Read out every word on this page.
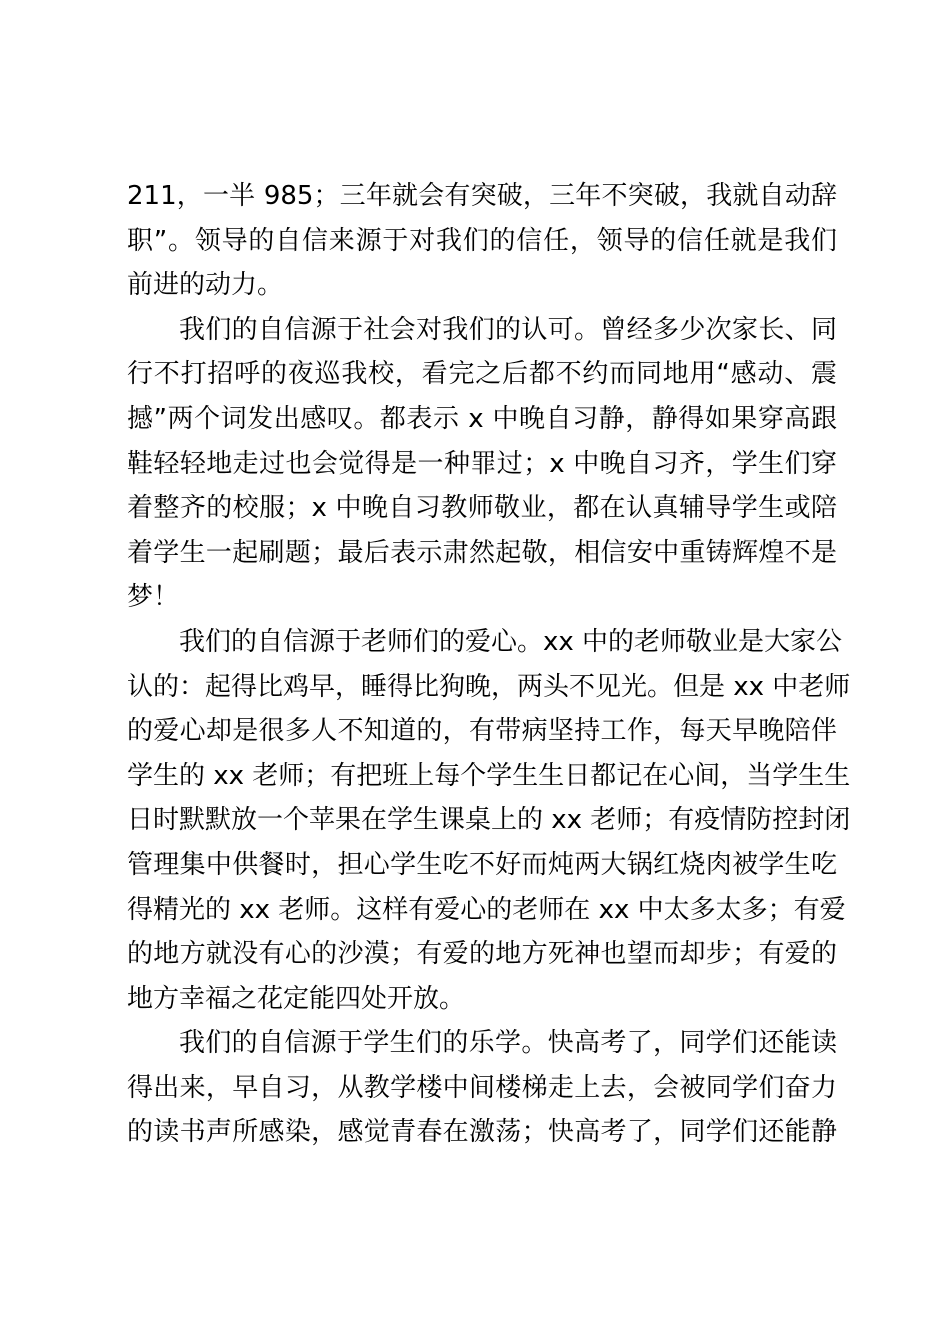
211，一半 985；三年就会有突破，三年不突破，我就自动辞
职”。领导的自信来源于对我们的信任，领导的信任就是我们
前进的动力。
我们的自信源于社会对我们的认可。曾经多少次家长、同
行不打招呼的夜巡我校，看完之后都不约而同地用“感动、震
撼”两个词发出感叹。都表示 x 中晚自习静，静得如果穿高跟
鞋轻轻地走过也会觉得是一种罪过；x 中晚自习齐，学生们穿
着整齐的校服；x 中晚自习教师敬业，都在认真辅导学生或陪
着学生一起刷题；最后表示肃然起敬，相信安中重铸辉煌不是
梦！
我们的自信源于老师们的爱心。xx 中的老师敬业是大家公
认的：起得比鸡早，睡得比狗晚，两头不见光。但是 xx 中老师
的爱心却是很多人不知道的，有带病坚持工作，每天早晚陪伴
学生的 xx 老师；有把班上每个学生生日都记在心间，当学生生
日时默默放一个苹果在学生课桌上的 xx 老师；有疫情防控封闭
管理集中供餐时，担心学生吃不好而炖两大锅红烧肉被学生吃
得精光的 xx 老师。这样有爱心的老师在 xx 中太多太多；有爱
的地方就没有心的沙漠；有爱的地方死神也望而却步；有爱的
地方幸福之花定能四处开放。
我们的自信源于学生们的乐学。快高考了，同学们还能读
得出来，早自习，从教学楼中间楼梯走上去，会被同学们奋力
的读书声所感染，感觉青春在激荡；快高考了，同学们还能静
